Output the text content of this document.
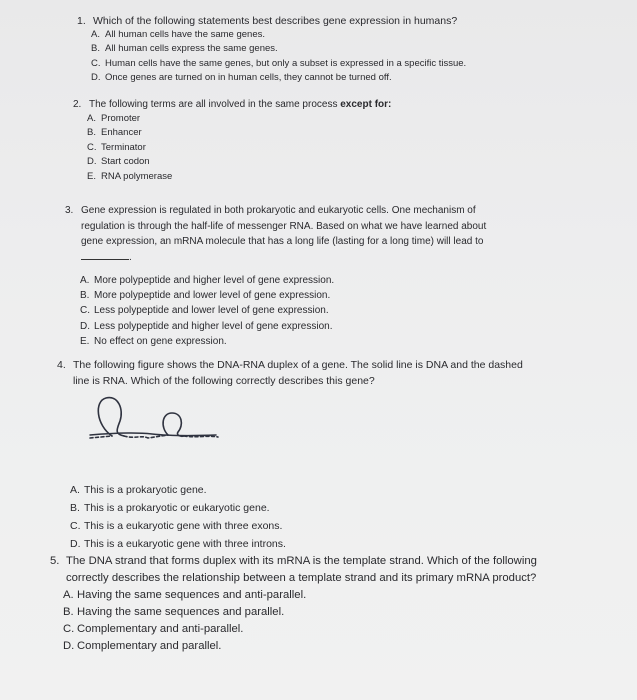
1. Which of the following statements best describes gene expression in humans?
A. All human cells have the same genes.
B. All human cells express the same genes.
C. Human cells have the same genes, but only a subset is expressed in a specific tissue.
D. Once genes are turned on in human cells, they cannot be turned off.
2. The following terms are all involved in the same process except for:
A. Promoter
B. Enhancer
C. Terminator
D. Start codon
E. RNA polymerase
3. Gene expression is regulated in both prokaryotic and eukaryotic cells. One mechanism of
regulation is through the half-life of messenger RNA. Based on what we have learned about
gene expression, an mRNA molecule that has a long life (lasting for a long time) will lead to
.
A. More polypeptide and higher level of gene expression.
B. More polypeptide and lower level of gene expression.
C. Less polypeptide and lower level of gene expression.
D. Less polypeptide and higher level of gene expression.
E. No effect on gene expression.
4. The following figure shows the DNA-RNA duplex of a gene. The solid line is DNA and the dashed
line is RNA. Which of the following correctly describes this gene?
A. This is a prokaryotic gene.
B. This is a prokaryotic or eukaryotic gene.
C. This is a eukaryotic gene with three exons.
D. This is a eukaryotic gene with three introns.
5. The DNA strand that forms duplex with its mRNA is the template strand. Which of the following
correctly describes the relationship between a template strand and its primary mRNA product?
A. Having the same sequences and anti-parallel.
B. Having the same sequences and parallel.
C. Complementary and anti-parallel.
D. Complementary and parallel.
